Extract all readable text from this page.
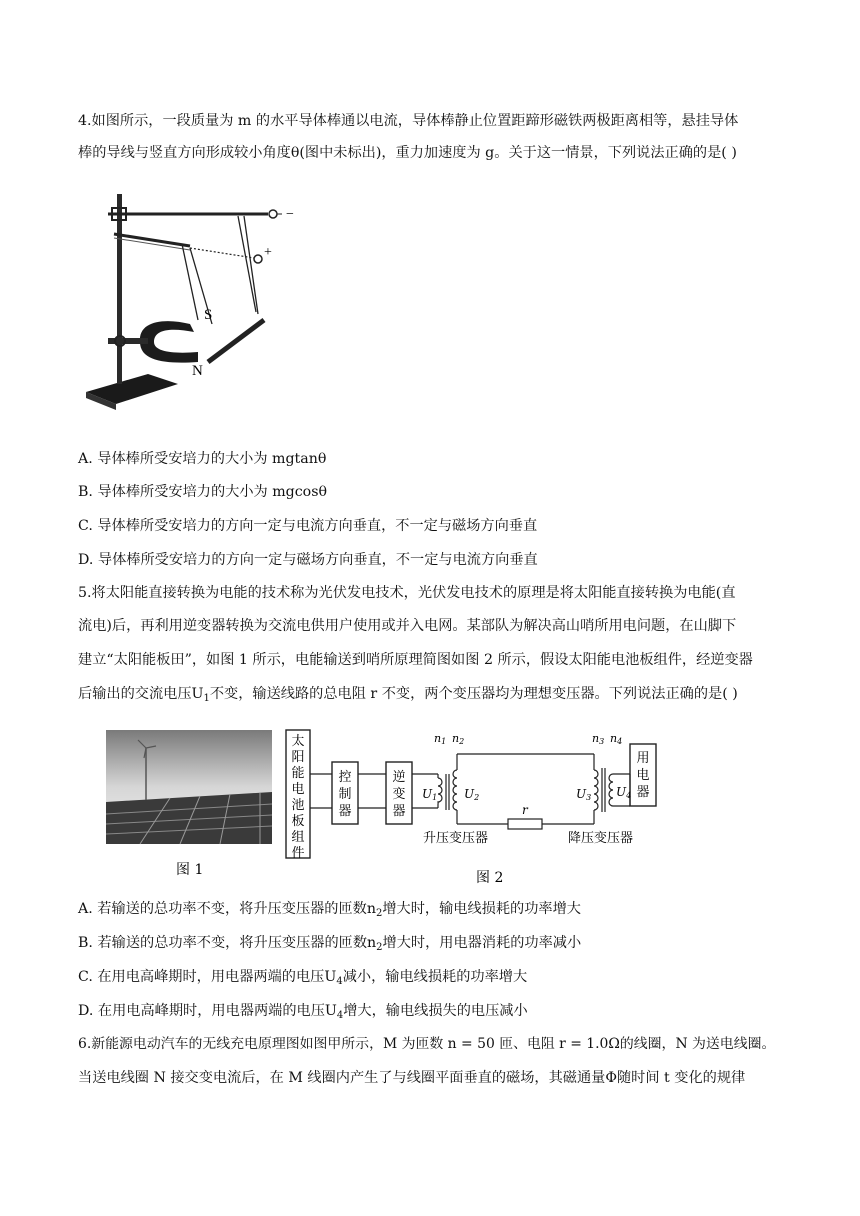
4.如图所示，一段质量为 m 的水平导体棒通以电流，导体棒静止位置距蹄形磁铁两极距离相等，悬挂导体
棒的导线与竖直方向形成较小角度θ(图中未标出)，重力加速度为 g。关于这一情景，下列说法正确的是( )
−
+
S
N
A. 导体棒所受安培力的大小为 mgtanθ
B. 导体棒所受安培力的大小为 mgcosθ
C. 导体棒所受安培力的方向一定与电流方向垂直，不一定与磁场方向垂直
D. 导体棒所受安培力的方向一定与磁场方向垂直，不一定与电流方向垂直
5.将太阳能直接转换为电能的技术称为光伏发电技术，光伏发电技术的原理是将太阳能直接转换为电能(直
流电)后，再利用逆变器转换为交流电供用户使用或并入电网。某部队为解决高山哨所用电问题，在山脚下
建立“太阳能板田”，如图 1 所示，电能输送到哨所原理简图如图 2 所示，假设太阳能电池板组件，经逆变器
后输出的交流电压$U_1$不变，输送线路的总电阻 r 不变，两个变压器均为理想变压器。下列说法正确的是( )
图 1
太
阳
能
电
池
板
组
件
控
制
器
逆
变
器
用
电
器
n1 n2	n3 n4
U1 U2	U3 U4
r
升压变压器	降压变压器
图 2
A. 若输送的总功率不变，将升压变压器的匝数$n_2$增大时，输电线损耗的功率增大
B. 若输送的总功率不变，将升压变压器的匝数$n_2$增大时，用电器消耗的功率减小
C. 在用电高峰期时，用电器两端的电压$U_4$减小，输电线损耗的功率增大
D. 在用电高峰期时，用电器两端的电压$U_4$增大，输电线损失的电压减小
6.新能源电动汽车的无线充电原理图如图甲所示，M 为匝数 n = 50 匝、电阻 r = 1.0Ω的线圈，N 为送电线圈。
当送电线圈 N 接交变电流后，在 M 线圈内产生了与线圈平面垂直的磁场，其磁通量Φ随时间 t 变化的规律
